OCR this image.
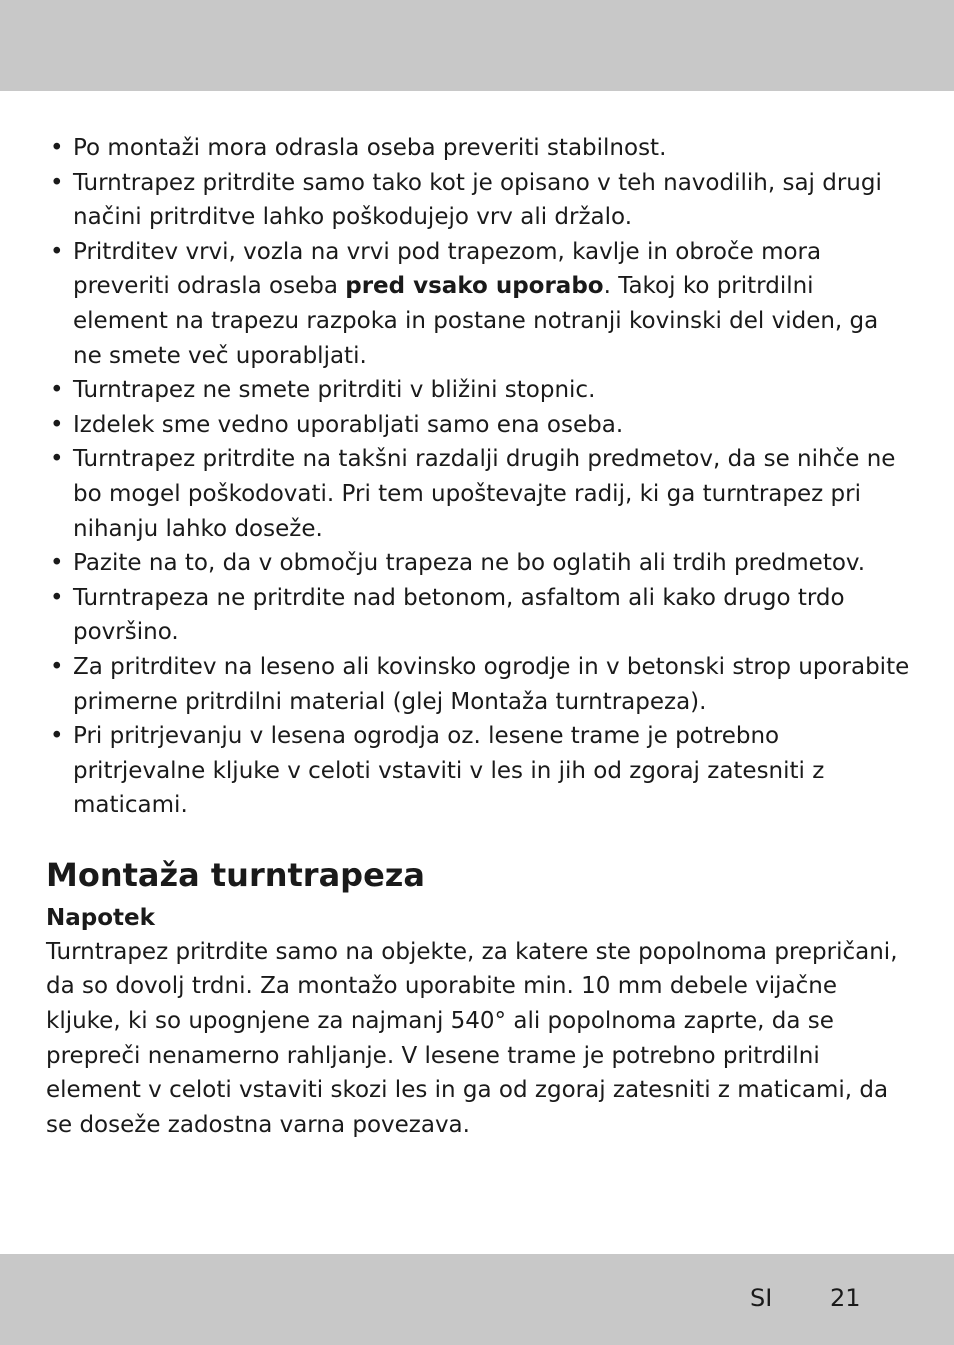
• Po montaži mora odrasla oseba preveriti stabilnost.
• Turntrapez pritrdite samo tako kot je opisano v teh navodilih, saj drugi načini pritrditve lahko poškodujejo vrv ali držalo.
• Pritrditev vrvi, vozla na vrvi pod trapezom, kavlje in obroče mora preveriti odrasla oseba pred vsako uporabo. Takoj ko pritrdilni element na trapezu razpoka in postane notranji kovinski del viden, ga ne smete več uporabljati.
• Turntrapez ne smete pritrditi v bližini stopnic.
• Izdelek sme vedno uporabljati samo ena oseba.
• Turntrapez pritrdite na takšni razdalji drugih predmetov, da se nihče ne bo mogel poškodovati. Pri tem upoštevajte radij, ki ga turntrapez pri nihanju lahko doseže.
• Pazite na to, da v območju trapeza ne bo oglatih ali trdih predmetov.
• Turntrapeza ne pritrdite nad betonom, asfaltom ali kako drugo trdo površino.
• Za pritrditev na leseno ali kovinsko ogrodje in v betonski strop uporabite primerne pritrdilni material (glej Montaža turntrapeza).
• Pri pritrjevanju v lesena ogrodja oz. lesene trame je potrebno pritrjevalne kljuke v celoti vstaviti v les in jih od zgoraj zatesniti z maticami.
Montaža turntrapeza
Napotek

Turntrapez pritrdite samo na objekte, za katere ste popolnoma prepričani, da so dovolj trdni. Za montažo uporabite min. 10 mm debele vijačne kljuke, ki so upognjene za najmanj 540° ali popolnoma zaprte, da se prepreči nenamerno rahljanje. V lesene trame je potrebno pritrdilni element v celoti vstaviti skozi les in ga od zgoraj zatesniti z maticami, da se doseže zadostna varna povezava.

SI 21
